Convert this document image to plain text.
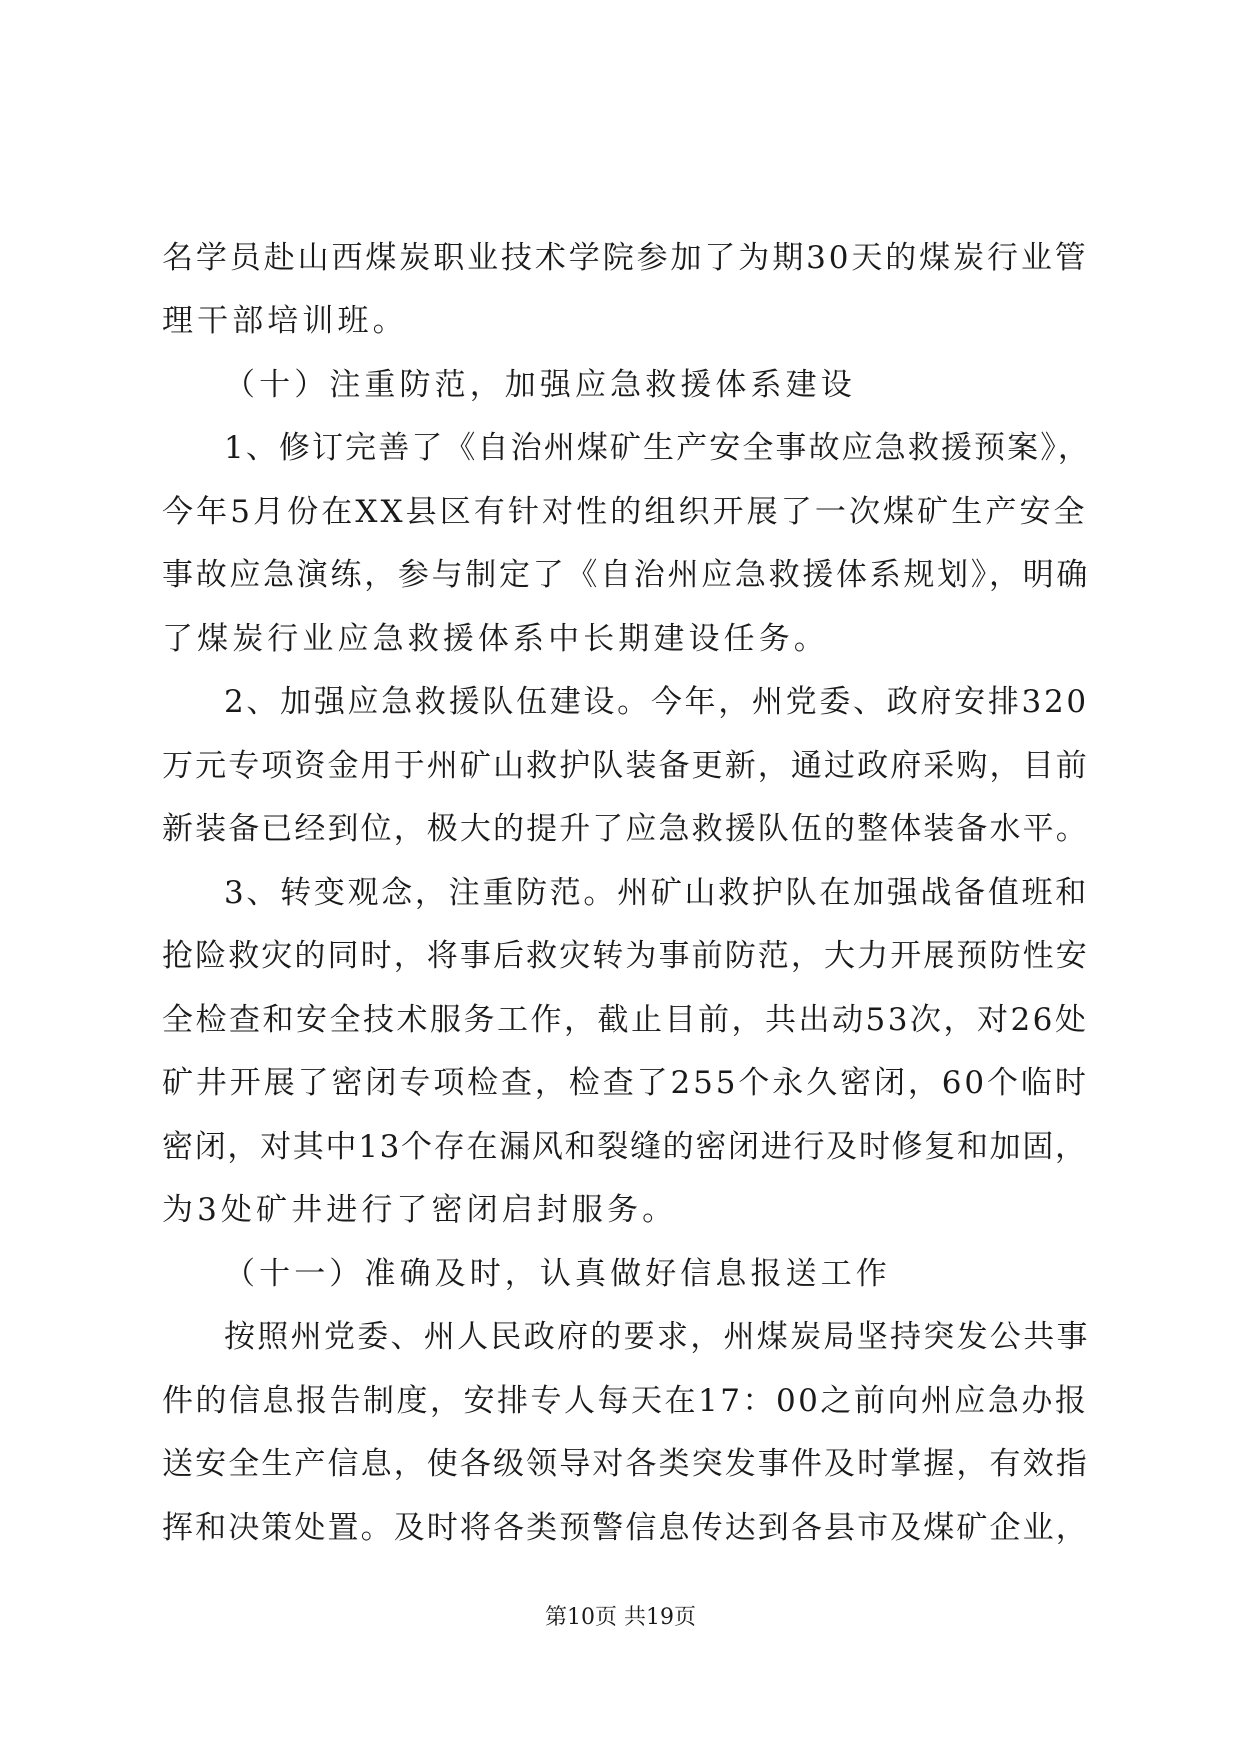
名学员赴山西煤炭职业技术学院参加了为期30天的煤炭行业管
理干部培训班。
（十）注重防范，加强应急救援体系建设
1、修订完善了《自治州煤矿生产安全事故应急救援预案》，
今年5月份在XX县区有针对性的组织开展了一次煤矿生产安全
事故应急演练，参与制定了《自治州应急救援体系规划》，明确
了煤炭行业应急救援体系中长期建设任务。
2、加强应急救援队伍建设。今年，州党委、政府安排320
万元专项资金用于州矿山救护队装备更新，通过政府采购，目前
新装备已经到位，极大的提升了应急救援队伍的整体装备水平。
3、转变观念，注重防范。州矿山救护队在加强战备值班和
抢险救灾的同时，将事后救灾转为事前防范，大力开展预防性安
全检查和安全技术服务工作，截止目前，共出动53次，对26处
矿井开展了密闭专项检查，检查了255个永久密闭，60个临时
密闭，对其中13个存在漏风和裂缝的密闭进行及时修复和加固，
为3处矿井进行了密闭启封服务。
（十一）准确及时，认真做好信息报送工作
按照州党委、州人民政府的要求，州煤炭局坚持突发公共事
件的信息报告制度，安排专人每天在17：00之前向州应急办报
送安全生产信息，使各级领导对各类突发事件及时掌握，有效指
挥和决策处置。及时将各类预警信息传达到各县市及煤矿企业，
第10页 共19页
